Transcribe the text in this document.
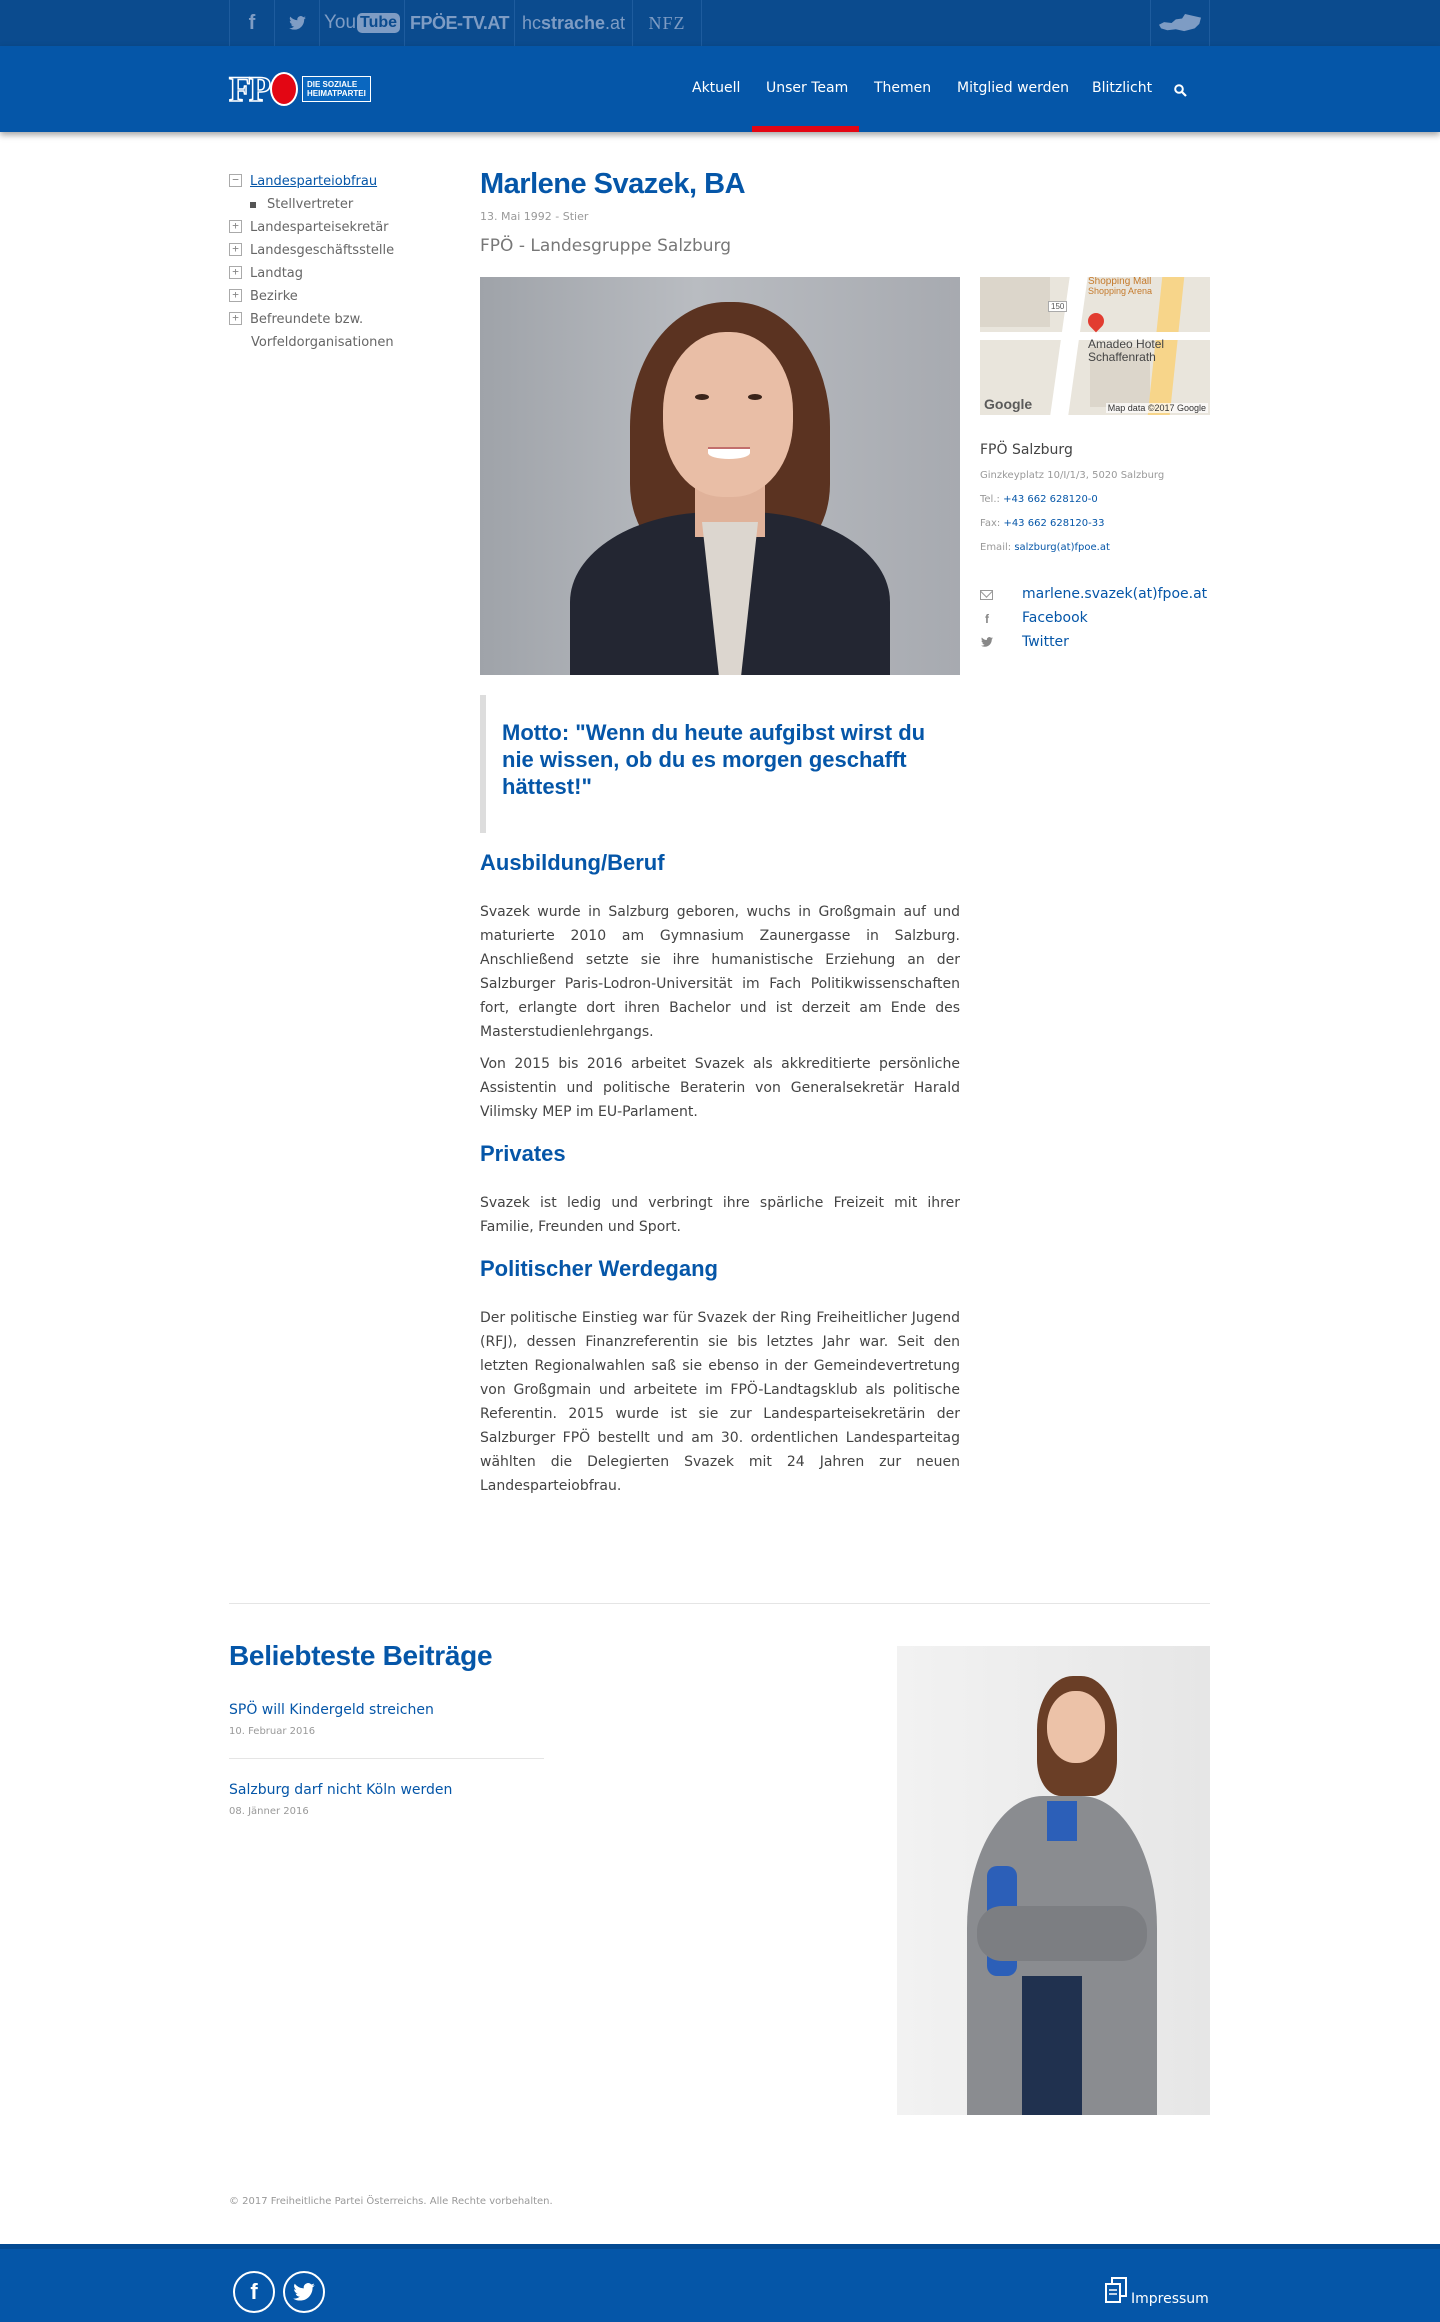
f	You Tube FPÖE-TV.AT hc strache .at	NFZ
FP	DIE SOZIALE
HEIMATPARTEI	Aktuell Unser Team Themen Mitglied werden Blitzlicht
− Landesparteiobfrau
Stellvertreter
+ Landesparteisekretär
+ Landesgeschäftsstelle
+ Landtag
+ Bezirke
+ Befreundete bzw.
Vorfeldorganisationen
Marlene Svazek, BA
13. Mai 1992 - Stier
FPÖ - Landesgruppe Salzburg

Motto: "Wenn du heute aufgibst wirst du nie wissen, ob du es morgen geschafft hättest!"

Ausbildung/Beruf

Svazek wurde in Salzburg geboren, wuchs in Großgmain auf und maturierte 2010 am Gymnasium Zaunergasse in Salzburg. Anschließend setzte sie ihre humanistische Erziehung an der Salzburger Paris-Lodron-Universität im Fach Politikwissenschaften fort, erlangte dort ihren Bachelor und ist derzeit am Ende des Masterstudienlehrgangs.

Von 2015 bis 2016 arbeitet Svazek als akkreditierte persönliche Assistentin und politische Beraterin von Generalsekretär Harald Vilimsky MEP im EU-Parlament.

Privates

Svazek ist ledig und verbringt ihre spärliche Freizeit mit ihrer Familie, Freunden und Sport.

Politischer Werdegang

Der politische Einstieg war für Svazek der Ring Freiheitlicher Jugend (RFJ), dessen Finanzreferentin sie bis letztes Jahr war. Seit den letzten Regionalwahlen saß sie ebenso in der Gemeindevertretung von Großgmain und arbeitete im FPÖ-Landtagsklub als politische Referentin. 2015 wurde ist sie zur Landesparteisekretärin der Salzburger FPÖ bestellt und am 30. ordentlichen Landesparteitag wählten die Delegierten Svazek mit 24 Jahren zur neuen Landesparteiobfrau.

Shopping Mall
Shopping Arena
150
Amadeo Hotel
Schaffenrath
Google	Map data ©2017 Google
FPÖ Salzburg
Ginzkeyplatz 10/I/1/3, 5020 Salzburg
Tel.: +43 662 628120-0
Fax: +43 662 628120-33
Email: salzburg(at)fpoe.at
marlene.svazek(at)fpoe.at
f	Facebook
Twitter
Beliebteste Beiträge
SPÖ will Kindergeld streichen
10. Februar 2016
Salzburg darf nicht Köln werden
08. Jänner 2016
© 2017 Freiheitliche Partei Österreichs. Alle Rechte vorbehalten.
f	Impressum
